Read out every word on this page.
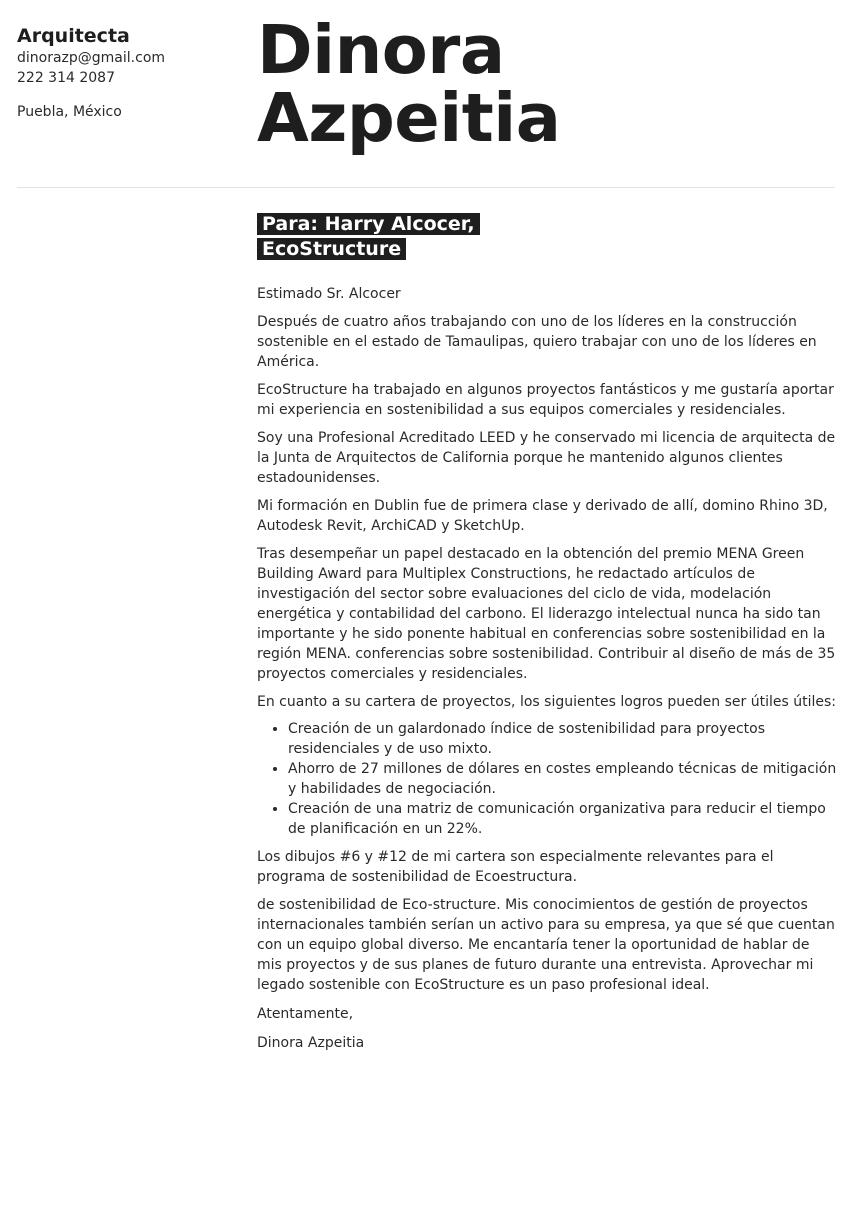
Arquitecta
dinorazp@gmail.com
222 314 2087
Puebla, México
Dinora
Azpeitia
Para: Harry Alcocer,
EcoStructure

Estimado Sr. Alcocer

Después de cuatro años trabajando con uno de los líderes en la construcción sostenible en el estado de Tamaulipas, quiero trabajar con uno de los líderes en América.

EcoStructure ha trabajado en algunos proyectos fantásticos y me gustaría aportar mi experiencia en sostenibilidad a sus equipos comerciales y residenciales.

Soy una Profesional Acreditado LEED y he conservado mi licencia de arquitecta de la Junta de Arquitectos de California porque he mantenido algunos clientes estadounidenses.

Mi formación en Dublin fue de primera clase y derivado de allí, domino Rhino 3D, Autodesk Revit, ArchiCAD y SketchUp.

Tras desempeñar un papel destacado en la obtención del premio MENA Green Building Award para Multiplex Constructions, he redactado artículos de investigación del sector sobre evaluaciones del ciclo de vida, modelación energética y contabilidad del carbono. El liderazgo intelectual nunca ha sido tan importante y he sido ponente habitual en conferencias sobre sostenibilidad en la región MENA. conferencias sobre sostenibilidad. Contribuir al diseño de más de 35 proyectos comerciales y residenciales.

En cuanto a su cartera de proyectos, los siguientes logros pueden ser útiles útiles:

• Creación de un galardonado índice de sostenibilidad para proyectos residenciales y de uso mixto.
• Ahorro de 27 millones de dólares en costes empleando técnicas de mitigación y habilidades de negociación.
• Creación de una matriz de comunicación organizativa para reducir el tiempo de planificación en un 22%.

Los dibujos #6 y #12 de mi cartera son especialmente relevantes para el programa de sostenibilidad de Ecoestructura.

de sostenibilidad de Eco-structure. Mis conocimientos de gestión de proyectos internacionales también serían un activo para su empresa, ya que sé que cuentan con un equipo global diverso. Me encantaría tener la oportunidad de hablar de mis proyectos y de sus planes de futuro durante una entrevista. Aprovechar mi legado sostenible con EcoStructure es un paso profesional ideal.

Atentamente,

Dinora Azpeitia
